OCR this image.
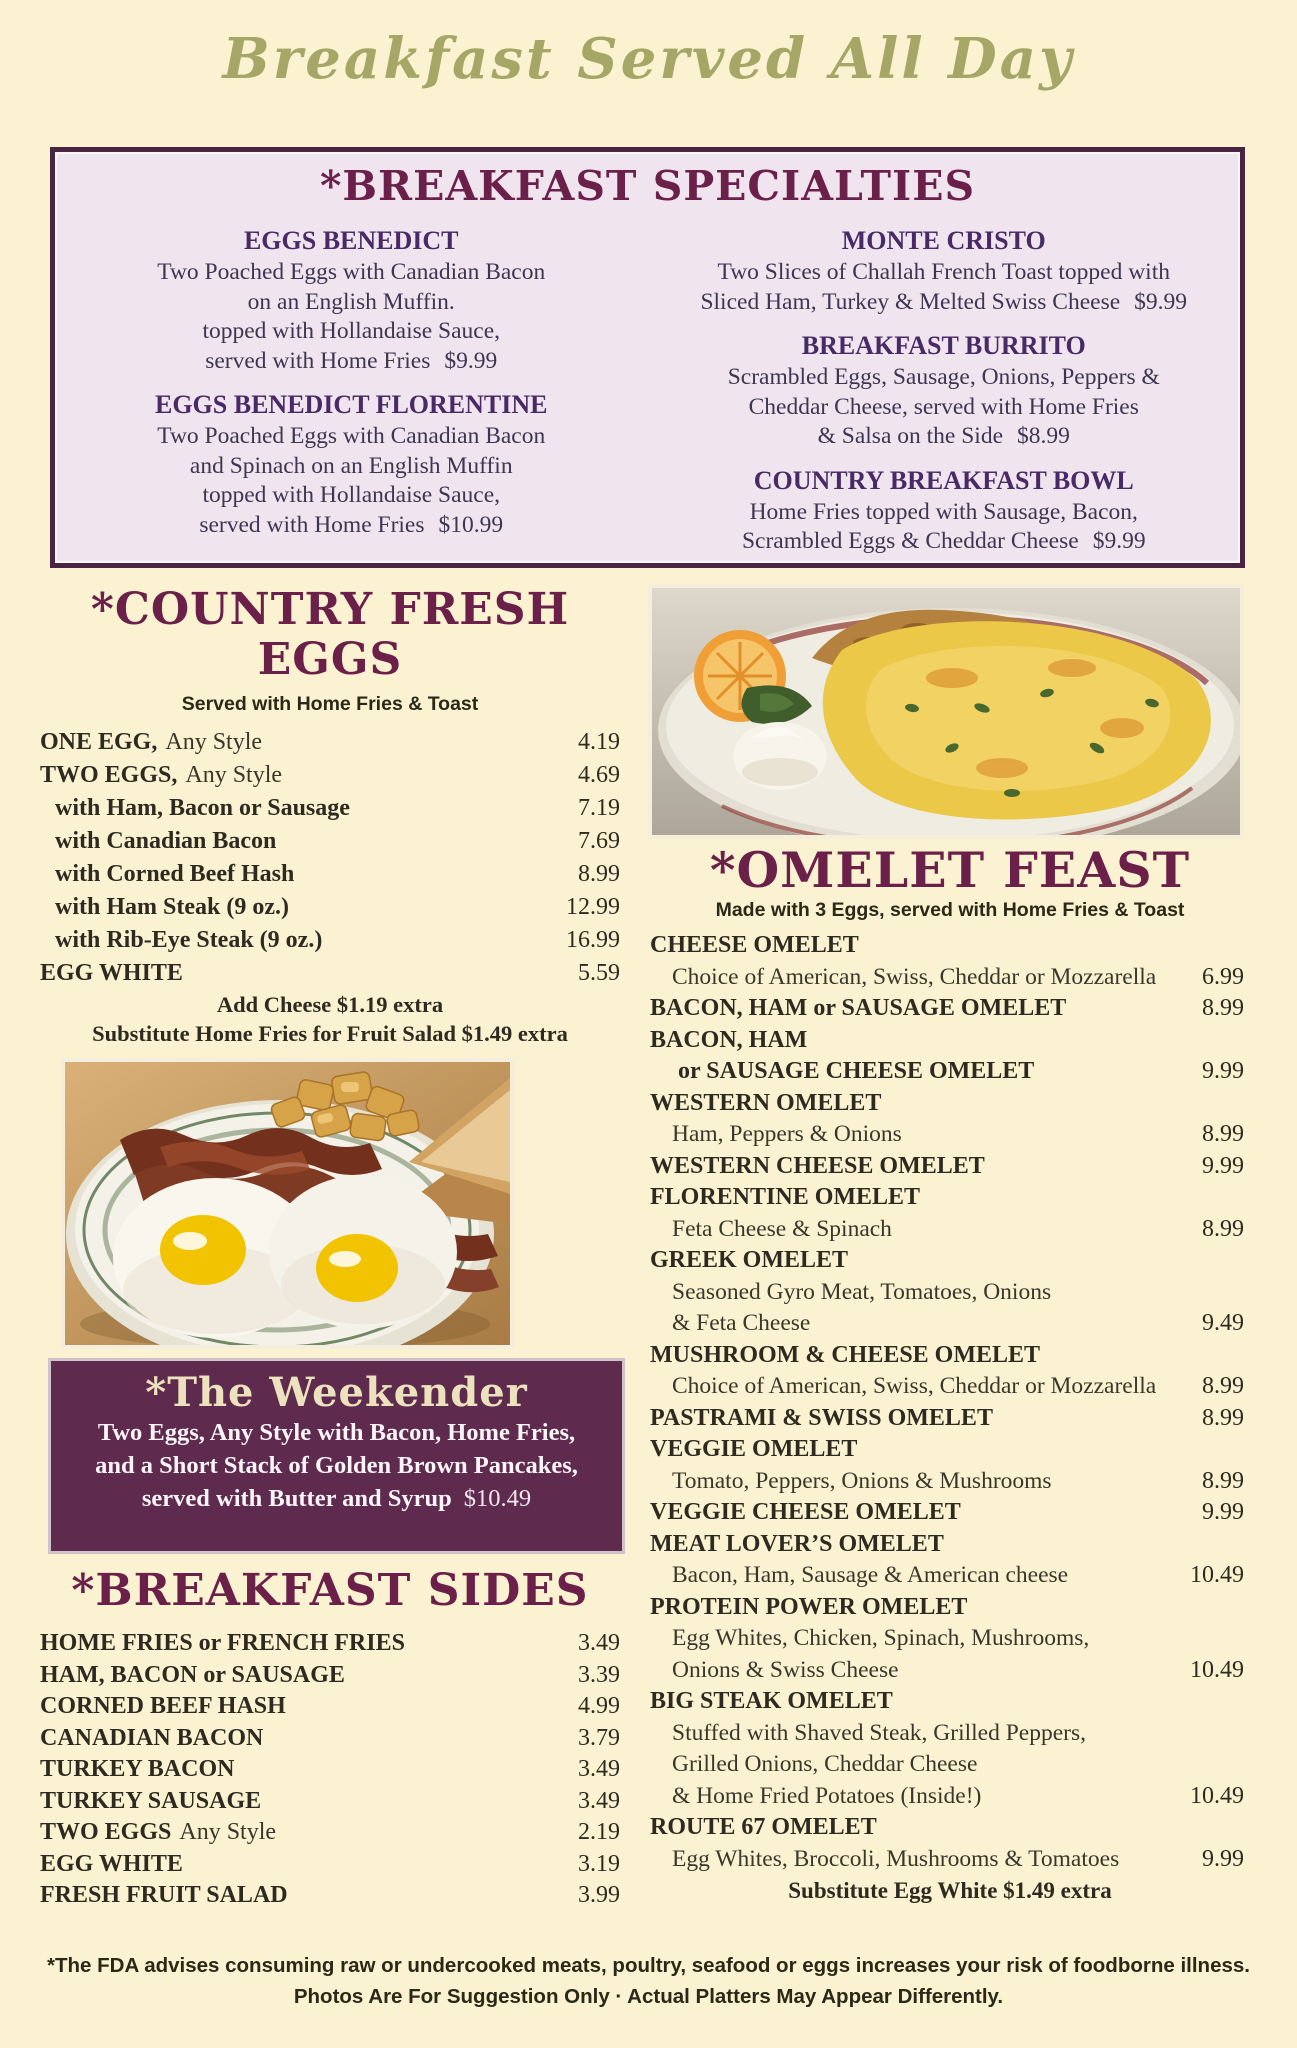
Breakfast Served All Day
*BREAKFAST SPECIALTIES
EGGS BENEDICT
Two Poached Eggs with Canadian Bacon
on an English Muffin.
topped with Hollandaise Sauce,
served with Home Fries $9.99
EGGS BENEDICT FLORENTINE
Two Poached Eggs with Canadian Bacon
and Spinach on an English Muffin
topped with Hollandaise Sauce,
served with Home Fries $10.99
MONTE CRISTO
Two Slices of Challah French Toast topped with
Sliced Ham, Turkey & Melted Swiss Cheese $9.99
BREAKFAST BURRITO
Scrambled Eggs, Sausage, Onions, Peppers &
Cheddar Cheese, served with Home Fries
& Salsa on the Side $8.99
COUNTRY BREAKFAST BOWL
Home Fries topped with Sausage, Bacon,
Scrambled Eggs & Cheddar Cheese $9.99
*COUNTRY FRESH
EGGS
Served with Home Fries & Toast
ONE EGG, Any Style	4.19
TWO EGGS, Any Style	4.69
with Ham, Bacon or Sausage	7.19
with Canadian Bacon	7.69
with Corned Beef Hash	8.99
with Ham Steak (9 oz.)	12.99
with Rib-Eye Steak (9 oz.)	16.99
EGG WHITE	5.59
Add Cheese $1.19 extra
Substitute Home Fries for Fruit Salad $1.49 extra
*The Weekender
Two Eggs, Any Style with Bacon, Home Fries,
and a Short Stack of Golden Brown Pancakes,
served with Butter and Syrup $10.49
*BREAKFAST SIDES
HOME FRIES or FRENCH FRIES	3.49
HAM, BACON or SAUSAGE	3.39
CORNED BEEF HASH	4.99
CANADIAN BACON	3.79
TURKEY BACON	3.49
TURKEY SAUSAGE	3.49
TWO EGGS Any Style	2.19
EGG WHITE	3.19
FRESH FRUIT SALAD	3.99
*OMELET FEAST
Made with 3 Eggs, served with Home Fries & Toast
CHEESE OMELET
Choice of American, Swiss, Cheddar or Mozzarella	6.99
BACON, HAM or SAUSAGE OMELET	8.99
BACON, HAM
or SAUSAGE CHEESE OMELET	9.99
WESTERN OMELET
Ham, Peppers & Onions	8.99
WESTERN CHEESE OMELET	9.99
FLORENTINE OMELET
Feta Cheese & Spinach	8.99
GREEK OMELET
Seasoned Gyro Meat, Tomatoes, Onions
& Feta Cheese	9.49
MUSHROOM & CHEESE OMELET
Choice of American, Swiss, Cheddar or Mozzarella	8.99
PASTRAMI & SWISS OMELET	8.99
VEGGIE OMELET
Tomato, Peppers, Onions & Mushrooms	8.99
VEGGIE CHEESE OMELET	9.99
MEAT LOVER’S OMELET
Bacon, Ham, Sausage & American cheese	10.49
PROTEIN POWER OMELET
Egg Whites, Chicken, Spinach, Mushrooms,
Onions & Swiss Cheese	10.49
BIG STEAK OMELET
Stuffed with Shaved Steak, Grilled Peppers,
Grilled Onions, Cheddar Cheese
& Home Fried Potatoes (Inside!)	10.49
ROUTE 67 OMELET
Egg Whites, Broccoli, Mushrooms & Tomatoes	9.99
Substitute Egg White $1.49 extra
*The FDA advises consuming raw or undercooked meats, poultry, seafood or eggs increases your risk of foodborne illness.
Photos Are For Suggestion Only · Actual Platters May Appear Differently.
